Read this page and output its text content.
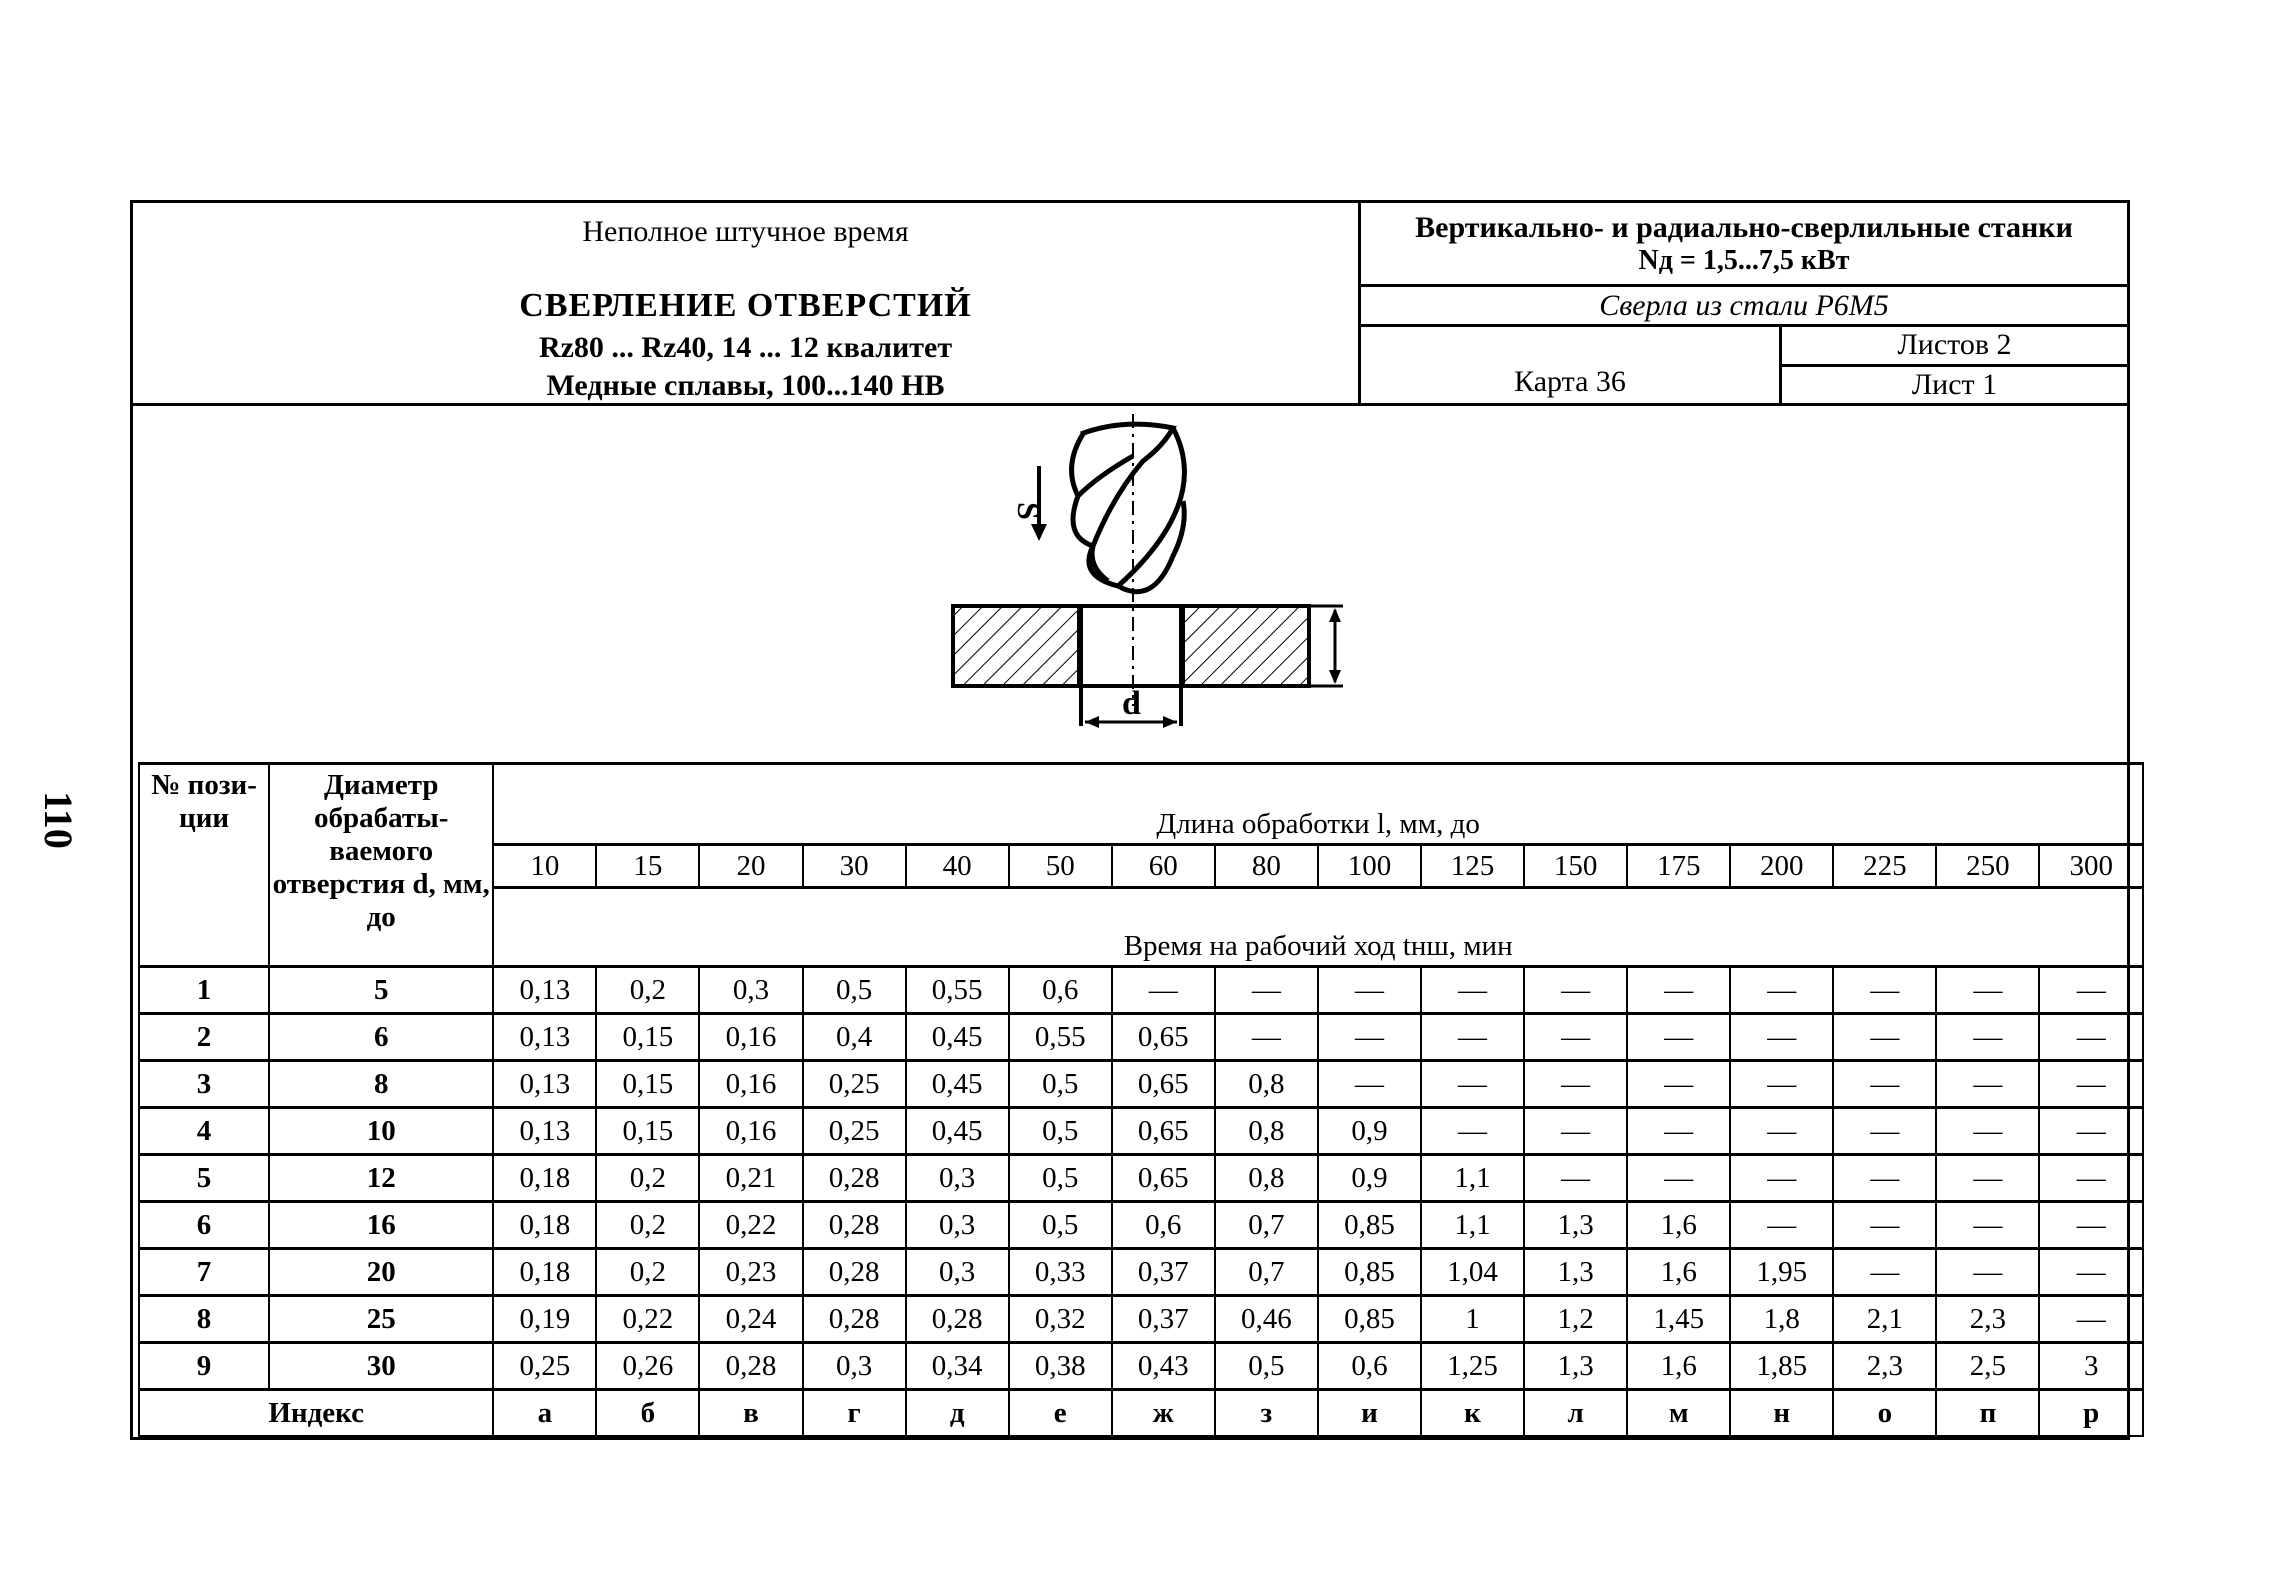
110
Неполное штучное время
СВЕРЛЕНИЕ ОТВЕРСТИЙ
Rz80 ... Rz40, 14 ... 12 квалитет
Медные сплавы, 100...140 НВ
Вертикально- и радиально-сверлильные станки
Nд = 1,5...7,5 кВт
Сверла из стали Р6М5
Карта 36
Листов 2
Лист 1
S
d
№ пози-ции	Диаметр обрабаты-ваемого отверстия d, мм, до	Длина обработки l, мм, до															
		10	15	20	30	40	50	60	80	100	125	150	175	200	225	250	300
		Время на рабочий ход tнш, мин															
1	5	0,13	0,2	0,3	0,5	0,55	0,6	—	—	—	—	—	—	—	—	—	—
2	6	0,13	0,15	0,16	0,4	0,45	0,55	0,65	—	—	—	—	—	—	—	—	—
3	8	0,13	0,15	0,16	0,25	0,45	0,5	0,65	0,8	—	—	—	—	—	—	—	—
4	10	0,13	0,15	0,16	0,25	0,45	0,5	0,65	0,8	0,9	—	—	—	—	—	—	—
5	12	0,18	0,2	0,21	0,28	0,3	0,5	0,65	0,8	0,9	1,1	—	—	—	—	—	—
6	16	0,18	0,2	0,22	0,28	0,3	0,5	0,6	0,7	0,85	1,1	1,3	1,6	—	—	—	—
7	20	0,18	0,2	0,23	0,28	0,3	0,33	0,37	0,7	0,85	1,04	1,3	1,6	1,95	—	—	—
8	25	0,19	0,22	0,24	0,28	0,28	0,32	0,37	0,46	0,85	1	1,2	1,45	1,8	2,1	2,3	—
9	30	0,25	0,26	0,28	0,3	0,34	0,38	0,43	0,5	0,6	1,25	1,3	1,6	1,85	2,3	2,5	3
Индекс		а	б	в	г	д	е	ж	з	и	к	л	м	н	о	п	р
